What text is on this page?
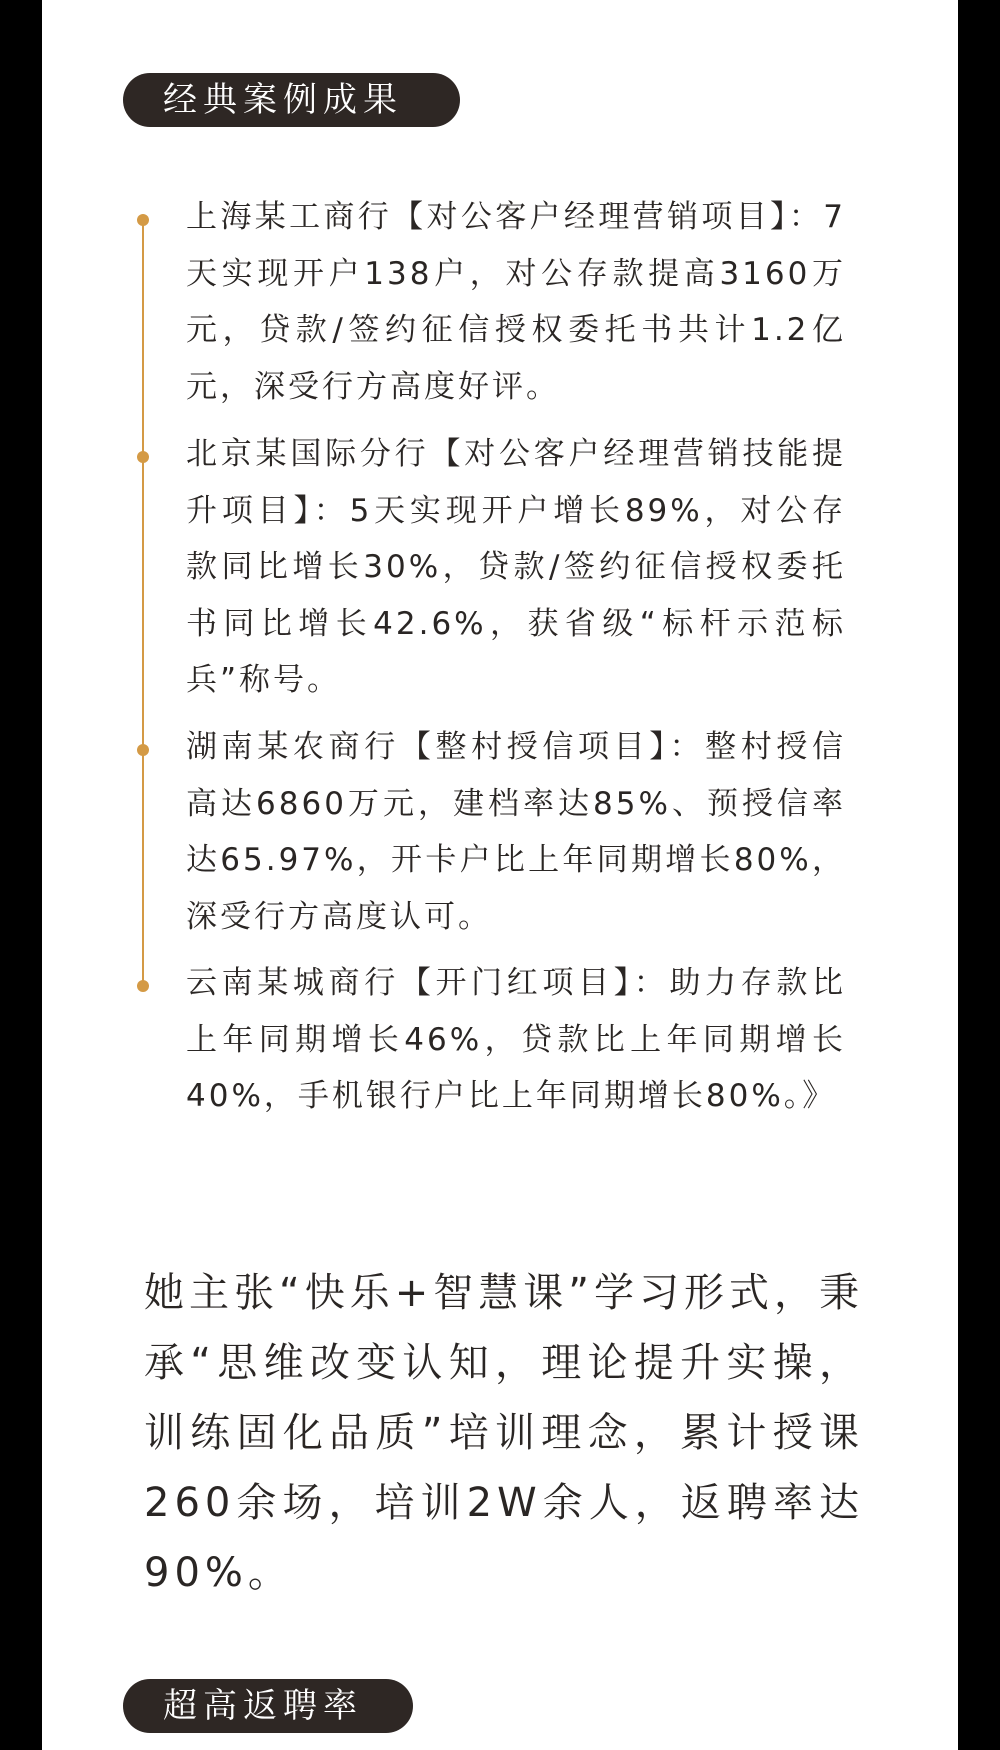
经典案例成果
上海某工商行【对公客户经理营销项目】：7天实现开户138户，对公存款提高3160万元，贷款/签约征信授权委托书共计1.2亿元，深受行方高度好评。
北京某国际分行【对公客户经理营销技能提升项目】：5天实现开户增长89%，对公存款同比增长30%，贷款/签约征信授权委托书同比增长42.6%，获省级“标杆示范标兵”称号。
湖南某农商行【整村授信项目】：整村授信高达6860万元，建档率达85%、预授信率达65.97%，开卡户比上年同期增长80%，深受行方高度认可。
云南某城商行【开门红项目】：助力存款比上年同期增长46%，贷款比上年同期增长40%，手机银行户比上年同期增长80%。》
她主张“快乐+智慧课”学习形式，秉承“思维改变认知，理论提升实操，训练固化品质”培训理念，累计授课260余场，培训2W余人，返聘率达90%。
超高返聘率
